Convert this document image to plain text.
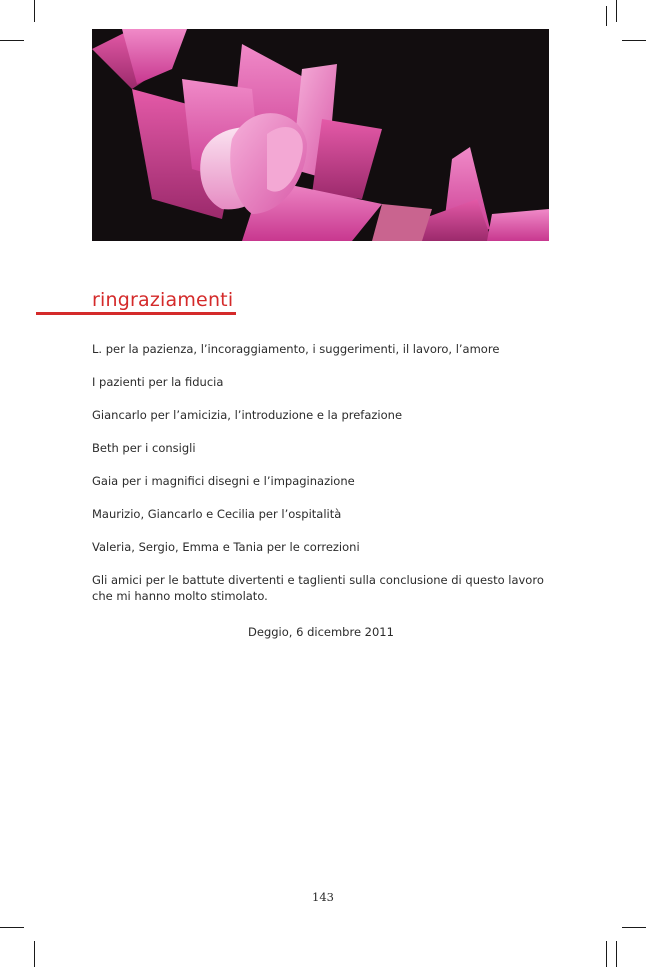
ringraziamenti
L. per la pazienza, l’incoraggiamento, i suggerimenti, il lavoro, l’amore
I pazienti per la fiducia
Giancarlo per l’amicizia, l’introduzione e la prefazione
Beth per i consigli
Gaia per i magnifici disegni e l’impaginazione
Maurizio, Giancarlo e Cecilia per l’ospitalità
Valeria, Sergio, Emma e Tania per le correzioni
Gli amici per le battute divertenti e taglienti sulla conclusione di questo lavoro che mi hanno molto stimolato.
Deggio, 6 dicembre 2011
143
